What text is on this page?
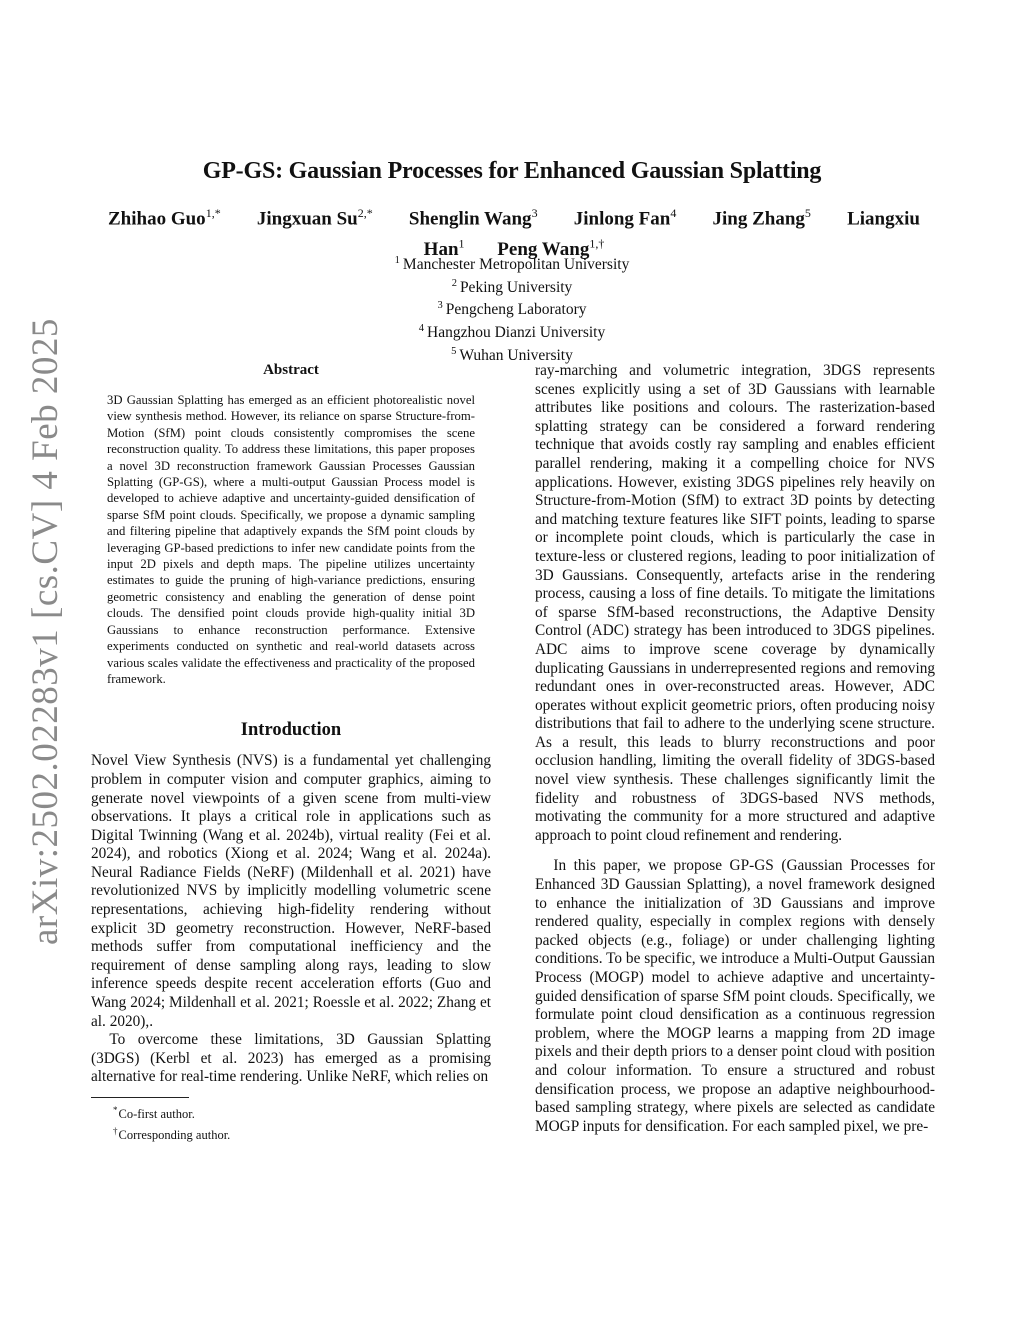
arXiv:2502.02283v1 [cs.CV] 4 Feb 2025
GP-GS: Gaussian Processes for Enhanced Gaussian Splatting
Zhihao Guo$^{1,*}$ Jingxuan $Su^{2,*}$ Shenglin Wang$^3$ Jinlong Fan$^4$ Jing Zhang$^5$ Liangxiu
Han$^1$ Peng Wang$^{1,\dagger}$
$^1$ Manchester Metropolitan University
$^2$ Peking University
$^3$ Pengcheng Laboratory
$^4$ Hangzhou Dianzi University
$^5$ Wuhan University
Abstract

3D Gaussian Splatting has emerged as an efficient photorealistic novel view synthesis method. However, its reliance on sparse Structure-from-Motion (SfM) point clouds consistently compromises the scene reconstruction quality. To address these limitations, this paper proposes a novel 3D reconstruction framework Gaussian Processes Gaussian Splatting (GP-GS), where a multi-output Gaussian Process model is developed to achieve adaptive and uncertainty-guided densification of sparse SfM point clouds. Specifically, we propose a dynamic sampling and filtering pipeline that adaptively expands the SfM point clouds by leveraging GP-based predictions to infer new candidate points from the input 2D pixels and depth maps. The pipeline utilizes uncertainty estimates to guide the pruning of high-variance predictions, ensuring geometric consistency and enabling the generation of dense point clouds. The densified point clouds provide high-quality initial 3D Gaussians to enhance reconstruction performance. Extensive experiments conducted on synthetic and real-world datasets across various scales validate the effectiveness and practicality of the proposed framework.

Introduction

Novel View Synthesis (NVS) is a fundamental yet challenging problem in computer vision and computer graphics, aiming to generate novel viewpoints of a given scene from multi-view observations. It plays a critical role in applications such as Digital Twinning (Wang et al. 2024b), virtual reality (Fei et al. 2024), and robotics (Xiong et al. 2024; Wang et al. 2024a). Neural Radiance Fields (NeRF) (Mildenhall et al. 2021) have revolutionized NVS by implicitly modelling volumetric scene representations, achieving high-fidelity rendering without explicit 3D geometry reconstruction. However, NeRF-based methods suffer from computational inefficiency and the requirement of dense sampling along rays, leading to slow inference speeds despite recent acceleration efforts (Guo and Wang 2024; Mildenhall et al. 2021; Roessle et al. 2022; Zhang et al. 2020),.

To overcome these limitations, 3D Gaussian Splatting (3DGS) (Kerbl et al. 2023) has emerged as a promising alternative for real-time rendering. Unlike NeRF, which relies on

*Co-first author.
†Corresponding author.

ray-marching and volumetric integration, 3DGS represents scenes explicitly using a set of 3D Gaussians with learnable attributes like positions and colours. The rasterization-based splatting strategy can be considered a forward rendering technique that avoids costly ray sampling and enables efficient parallel rendering, making it a compelling choice for NVS applications. However, existing 3DGS pipelines rely heavily on Structure-from-Motion (SfM) to extract 3D points by detecting and matching texture features like SIFT points, leading to sparse or incomplete point clouds, which is particularly the case in texture-less or clustered regions, leading to poor initialization of 3D Gaussians. Consequently, artefacts arise in the rendering process, causing a loss of fine details. To mitigate the limitations of sparse SfM-based reconstructions, the Adaptive Density Control (ADC) strategy has been introduced to 3DGS pipelines. ADC aims to improve scene coverage by dynamically duplicating Gaussians in underrepresented regions and removing redundant ones in over-reconstructed areas. However, ADC operates without explicit geometric priors, often producing noisy distributions that fail to adhere to the underlying scene structure. As a result, this leads to blurry reconstructions and poor occlusion handling, limiting the overall fidelity of 3DGS-based novel view synthesis. These challenges significantly limit the fidelity and robustness of 3DGS-based NVS methods, motivating the community for a more structured and adaptive approach to point cloud refinement and rendering.

In this paper, we propose GP-GS (Gaussian Processes for Enhanced 3D Gaussian Splatting), a novel framework designed to enhance the initialization of 3D Gaussians and improve rendered quality, especially in complex regions with densely packed objects (e.g., foliage) or under challenging lighting conditions. To be specific, we introduce a Multi-Output Gaussian Process (MOGP) model to achieve adaptive and uncertainty-guided densification of sparse SfM point clouds. Specifically, we formulate point cloud densification as a continuous regression problem, where the MOGP learns a mapping from 2D image pixels and their depth priors to a denser point cloud with position and colour information. To ensure a structured and robust densification process, we propose an adaptive neighbourhood-based sampling strategy, where pixels are selected as candidate MOGP inputs for densification. For each sampled pixel, we pre-
